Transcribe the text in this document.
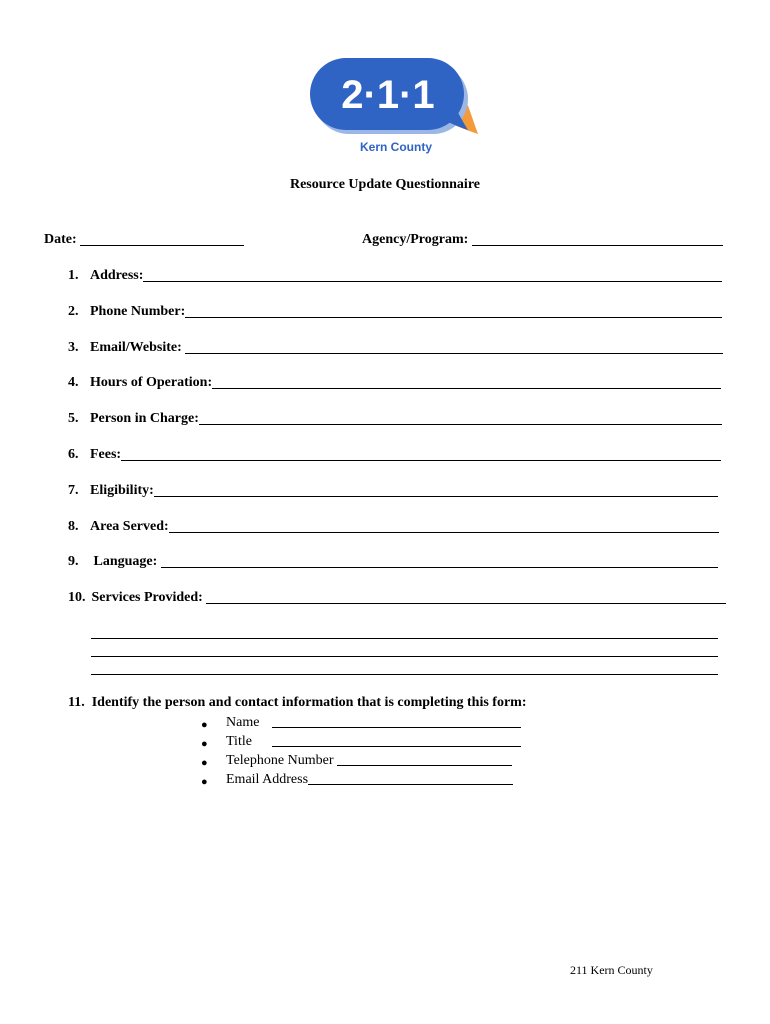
2·1·1
Kern County
Resource Update Questionnaire
Date:	Agency/Program:
1. Address:
2. Phone Number:
3. Email/Website:
4. Hours of Operation:
5. Person in Charge:
6. Fees:
7. Eligibility:
8. Area Served:
9. Language:
10. Services Provided:
11.  Identify the person and contact information that is completing this form:
●	Name
●	Title
●	Telephone Number
●	Email Address
211 Kern County
